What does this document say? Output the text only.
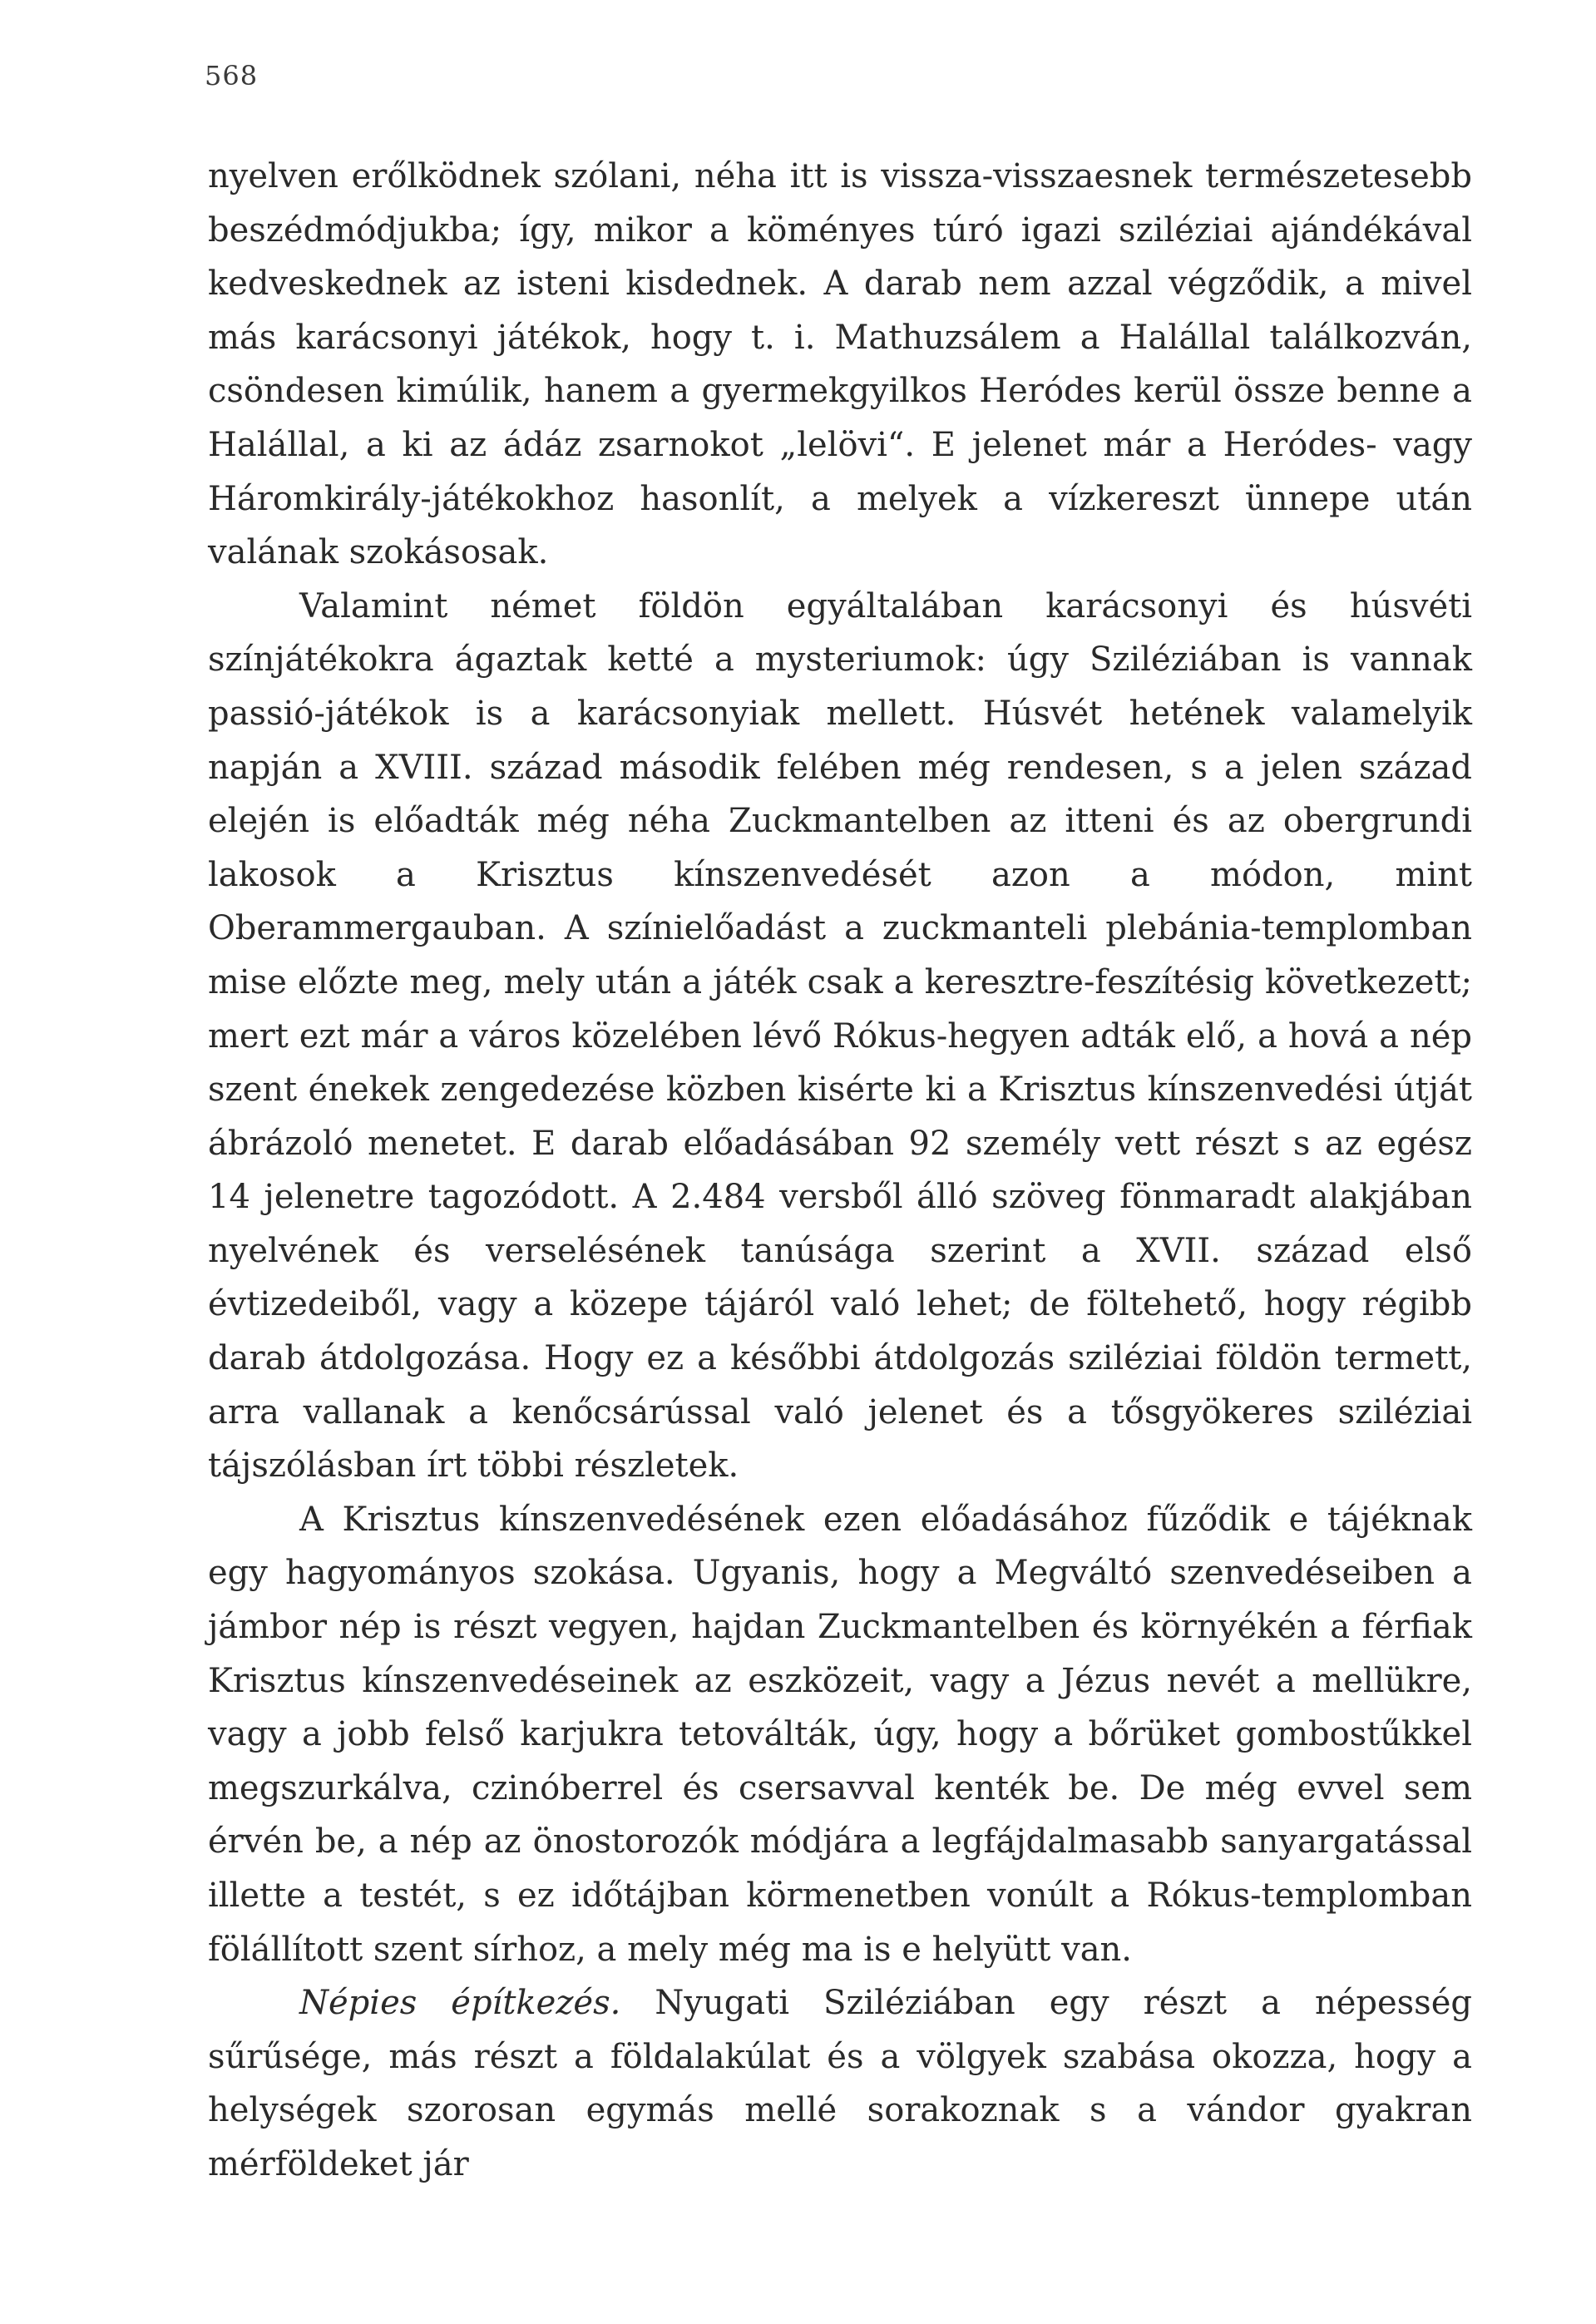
568

nyelven erőlködnek szólani, néha itt is vissza-visszaesnek természetesebb beszédmódjukba; így, mikor a köményes túró igazi sziléziai ajándékával kedveskednek az isteni kisdednek. A darab nem azzal végződik, a mivel más karácsonyi játékok, hogy t. i. Mathuzsálem a Halállal találkozván, csöndesen kimúlik, hanem a gyermekgyilkos Heródes kerül össze benne a Halállal, a ki az ádáz zsarnokot „lelövi“. E jelenet már a Heródes- vagy Háromkirály-játékokhoz hasonlít, a melyek a vízkereszt ünnepe után valának szokásosak.

Valamint német földön egyáltalában karácsonyi és húsvéti színjátékokra ágaztak ketté a mysteriumok: úgy Sziléziában is vannak passió-játékok is a karácsonyiak mellett. Húsvét hetének valamelyik napján a XVIII. század második felében még rendesen, s a jelen század elején is előadták még néha Zuckmantelben az itteni és az obergrundi lakosok a Krisztus kínszenvedését azon a módon, mint Oberammergauban. A színielőadást a zuckmanteli plebánia-templomban mise előzte meg, mely után a játék csak a keresztre-feszítésig következett; mert ezt már a város közelében lévő Rókus-hegyen adták elő, a hová a nép szent énekek zengedezése közben kisérte ki a Krisztus kínszenvedési útját ábrázoló menetet. E darab előadásában 92 személy vett részt s az egész 14 jelenetre tagozódott. A 2.484 versből álló szöveg fönmaradt alakjában nyelvének és verselésének tanúsága szerint a XVII. század első évtizedeiből, vagy a közepe tájáról való lehet; de föltehető, hogy régibb darab átdolgozása. Hogy ez a későbbi átdolgozás sziléziai földön termett, arra vallanak a kenőcsárússal való jelenet és a tősgyökeres sziléziai tájszólásban írt többi részletek.

A Krisztus kínszenvedésének ezen előadásához fűződik e tájéknak egy hagyományos szokása. Ugyanis, hogy a Megváltó szenvedéseiben a jámbor nép is részt vegyen, hajdan Zuckmantelben és környékén a férfiak Krisztus kínszenvedéseinek az eszközeit, vagy a Jézus nevét a mellükre, vagy a jobb felső karjukra tetoválták, úgy, hogy a bőrüket gombostűkkel megszurkálva, czinóberrel és csersavval kenték be. De még evvel sem érvén be, a nép az önostorozók módjára a legfájdalmasabb sanyargatással illette a testét, s ez időtájban körmenetben vonúlt a Rókus-templomban fölállított szent sírhoz, a mely még ma is e helyütt van.

Népies építkezés. Nyugati Sziléziában egy részt a népesség sűrűsége, más részt a földalakúlat és a völgyek szabása okozza, hogy a helységek szorosan egymás mellé sorakoznak s a vándor gyakran mérföldeket jár
